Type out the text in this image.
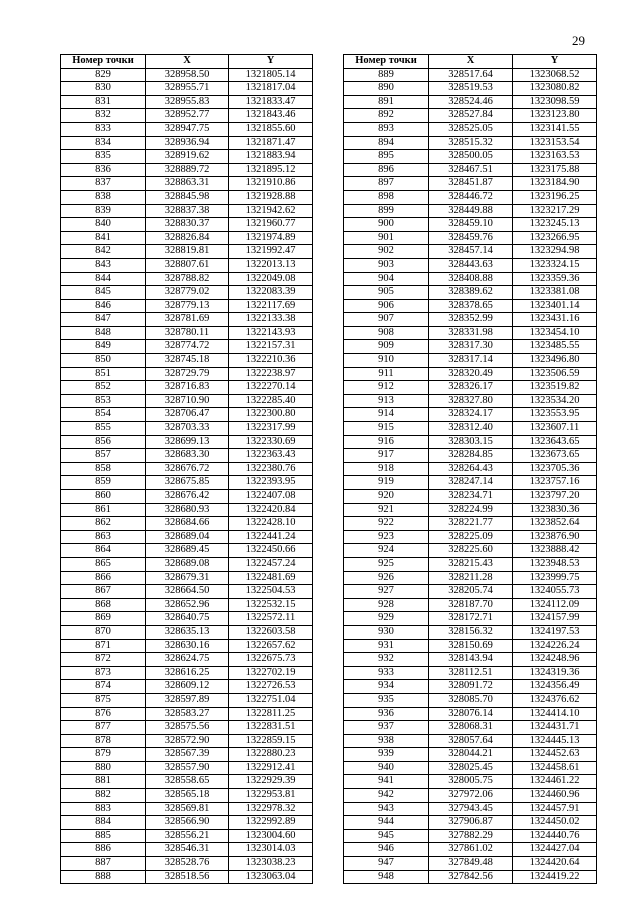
29
Номер точки	X	Y
829	328958.50	1321805.14
830	328955.71	1321817.04
831	328955.83	1321833.47
832	328952.77	1321843.46
833	328947.75	1321855.60
834	328936.94	1321871.47
835	328919.62	1321883.94
836	328889.72	1321895.12
837	328863.31	1321910.86
838	328845.98	1321928.88
839	328837.38	1321942.62
840	328830.37	1321960.77
841	328826.84	1321974.89
842	328819.81	1321992.47
843	328807.61	1322013.13
844	328788.82	1322049.08
845	328779.02	1322083.39
846	328779.13	1322117.69
847	328781.69	1322133.38
848	328780.11	1322143.93
849	328774.72	1322157.31
850	328745.18	1322210.36
851	328729.79	1322238.97
852	328716.83	1322270.14
853	328710.90	1322285.40
854	328706.47	1322300.80
855	328703.33	1322317.99
856	328699.13	1322330.69
857	328683.30	1322363.43
858	328676.72	1322380.76
859	328675.85	1322393.95
860	328676.42	1322407.08
861	328680.93	1322420.84
862	328684.66	1322428.10
863	328689.04	1322441.24
864	328689.45	1322450.66
865	328689.08	1322457.24
866	328679.31	1322481.69
867	328664.50	1322504.53
868	328652.96	1322532.15
869	328640.75	1322572.11
870	328635.13	1322603.58
871	328630.16	1322657.62
872	328624.75	1322675.73
873	328616.25	1322702.19
874	328609.12	1322726.53
875	328597.89	1322751.04
876	328583.27	1322811.25
877	328575.56	1322831.51
878	328572.90	1322859.15
879	328567.39	1322880.23
880	328557.90	1322912.41
881	328558.65	1322929.39
882	328565.18	1322953.81
883	328569.81	1322978.32
884	328566.90	1322992.89
885	328556.21	1323004.60
886	328546.31	1323014.03
887	328528.76	1323038.23
888	328518.56	1323063.04
Номер точки	X	Y
889	328517.64	1323068.52
890	328519.53	1323080.82
891	328524.46	1323098.59
892	328527.84	1323123.80
893	328525.05	1323141.55
894	328515.32	1323153.54
895	328500.05	1323163.53
896	328467.51	1323175.88
897	328451.87	1323184.90
898	328446.72	1323196.25
899	328449.88	1323217.29
900	328459.10	1323245.13
901	328459.76	1323266.95
902	328457.14	1323294.98
903	328443.63	1323324.15
904	328408.88	1323359.36
905	328389.62	1323381.08
906	328378.65	1323401.14
907	328352.99	1323431.16
908	328331.98	1323454.10
909	328317.30	1323485.55
910	328317.14	1323496.80
911	328320.49	1323506.59
912	328326.17	1323519.82
913	328327.80	1323534.20
914	328324.17	1323553.95
915	328312.40	1323607.11
916	328303.15	1323643.65
917	328284.85	1323673.65
918	328264.43	1323705.36
919	328247.14	1323757.16
920	328234.71	1323797.20
921	328224.99	1323830.36
922	328221.77	1323852.64
923	328225.09	1323876.90
924	328225.60	1323888.42
925	328215.43	1323948.53
926	328211.28	1323999.75
927	328205.74	1324055.73
928	328187.70	1324112.09
929	328172.71	1324157.99
930	328156.32	1324197.53
931	328150.69	1324226.24
932	328143.94	1324248.96
933	328112.51	1324319.36
934	328091.72	1324356.49
935	328085.70	1324376.62
936	328076.14	1324414.10
937	328068.31	1324431.71
938	328057.64	1324445.13
939	328044.21	1324452.63
940	328025.45	1324458.61
941	328005.75	1324461.22
942	327972.06	1324460.96
943	327943.45	1324457.91
944	327906.87	1324450.02
945	327882.29	1324440.76
946	327861.02	1324427.04
947	327849.48	1324420.64
948	327842.56	1324419.22
